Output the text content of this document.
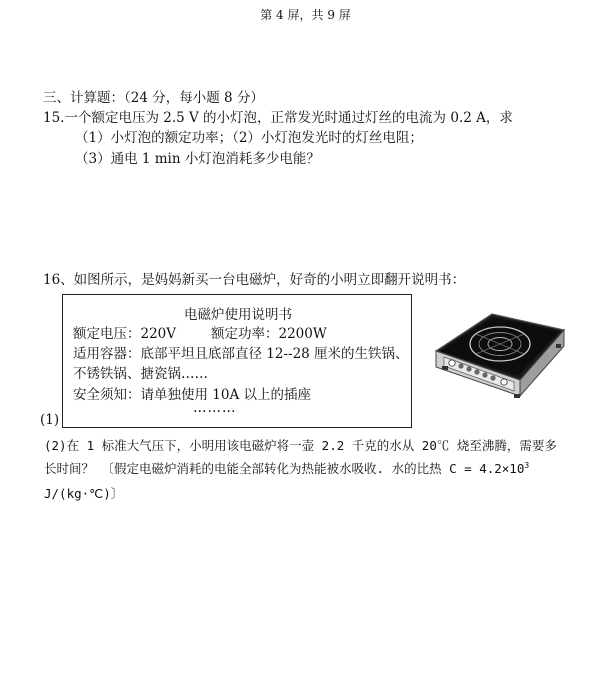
第 4 屏，共 9 屏
三、计算题：（24 分，每小题 8 分）
15.一个额定电压为 2.5 V 的小灯泡，正常发光时通过灯丝的电流为 0.2 A，求
（1）小灯泡的额定功率；（2）小灯泡发光时的灯丝电阻；
（3）通电 1 min 小灯泡消耗多少电能？
16、如图所示，是妈妈新买一台电磁炉，好奇的小明立即翻开说明书：
(1)
电磁炉使用说明书
额定电压：220V	额定功率：2200W
适用容器：底部平坦且底部直径 12--28 厘米的生铁锅、
不锈铁锅、搪瓷锅……
安全须知：请单独使用 10A 以上的插座
………
(2)在 1 标准大气压下，小明用该电磁炉将一壶 2.2 千克的水从 20℃ 烧至沸腾，需要多
长时间？ 〔假定电磁炉消耗的电能全部转化为热能被水吸收. 水的比热 $C = 4.2\times 10^3$
J/(kg·℃)〕
